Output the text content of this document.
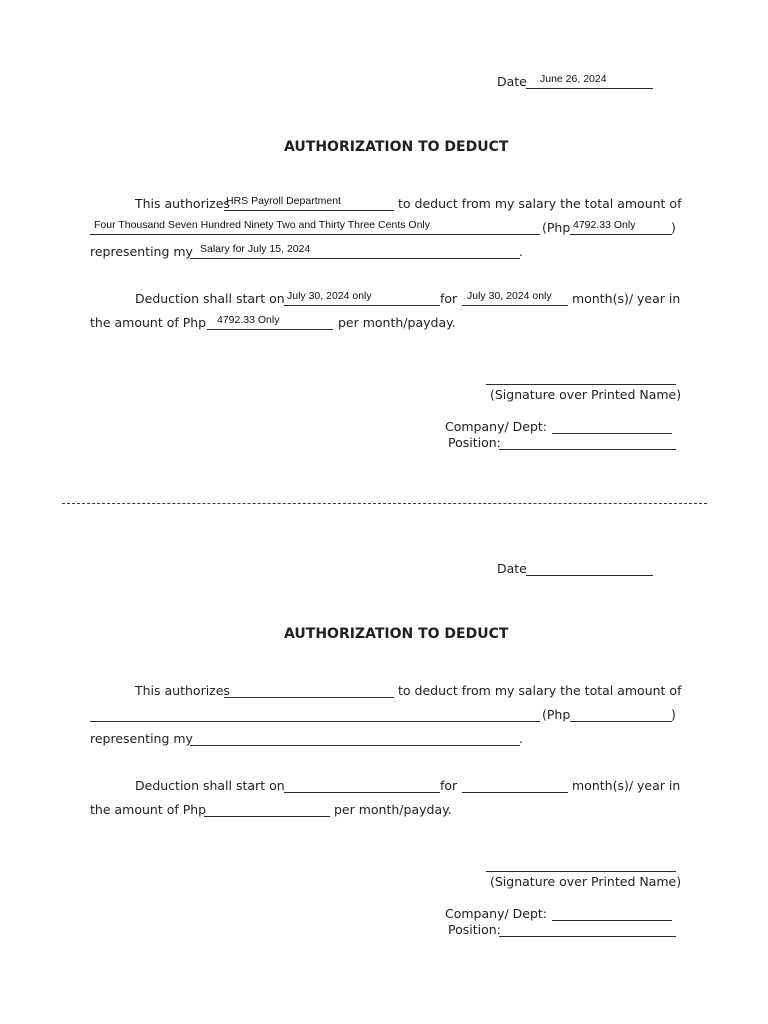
Date June 26, 2024
AUTHORIZATION TO DEDUCT
This authorizes
HRS Payroll Department	to deduct from my salary the total amount of
Four Thousand Seven Hundred Ninety Two and Thirty Three Cents Only	(Php 4792.33 Only	)
representing my Salary for July 15, 2024	.
Deduction shall start on July 30, 2024 only	for July 30, 2024 only month(s)/ year in
the amount of Php 4792.33 Only	per month/payday.
(Signature over Printed Name)
Company/ Dept:
Position:
Date
AUTHORIZATION TO DEDUCT
This authorizes	to deduct from my salary the total amount of
(Php	)
representing my	.
Deduction shall start on	for	month(s)/ year in
the amount of Php	per month/payday.
(Signature over Printed Name)
Company/ Dept:
Position:
